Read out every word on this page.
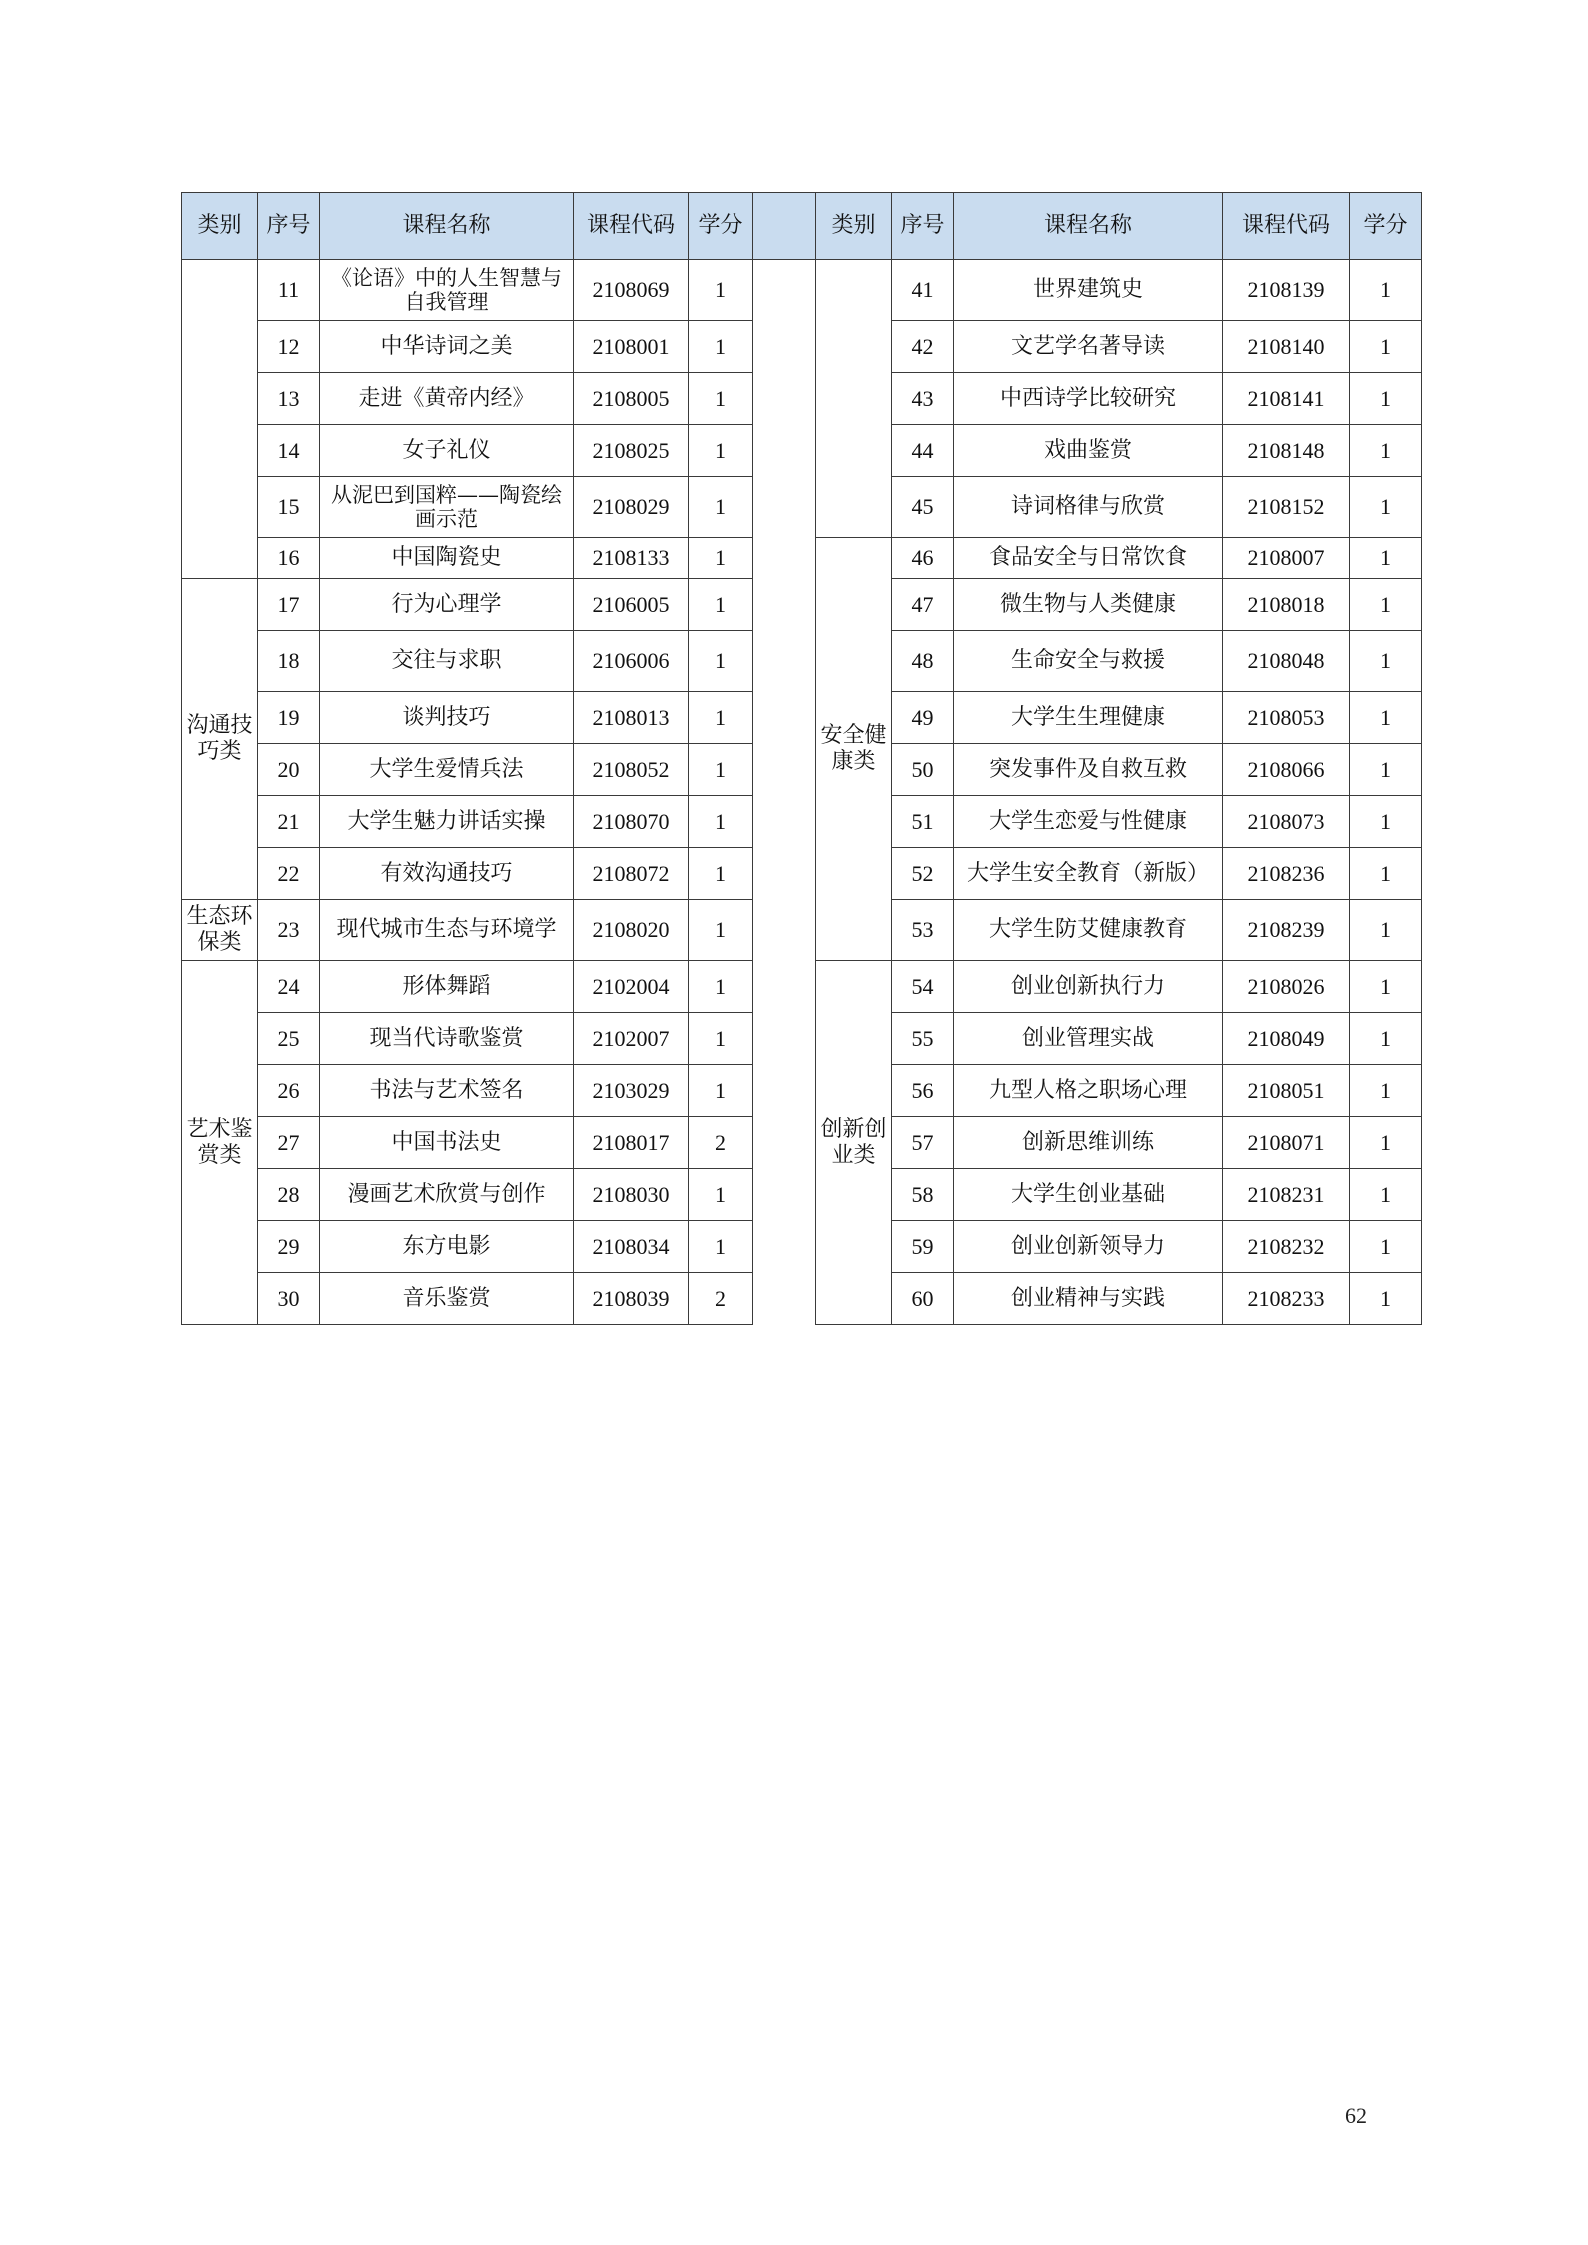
类别	序号	课程名称	课程代码	学分		类别	序号	课程名称	课程代码	学分
	11	《论语》中的人生智慧与自我管理	2108069	1			41	世界建筑史	2108139	1
	12	中华诗词之美	2108001	1			42	文艺学名著导读	2108140	1
	13	走进《黄帝内经》	2108005	1			43	中西诗学比较研究	2108141	1
	14	女子礼仪	2108025	1			44	戏曲鉴赏	2108148	1
	15	从泥巴到国粹——陶瓷绘画示范	2108029	1			45	诗词格律与欣赏	2108152	1
	16	中国陶瓷史	2108133	1		安全健康类	46	食品安全与日常饮食	2108007	1
沟通技巧类	17	行为心理学	2106005	1			47	微生物与人类健康	2108018	1
	18	交往与求职	2106006	1			48	生命安全与救援	2108048	1
	19	谈判技巧	2108013	1			49	大学生生理健康	2108053	1
	20	大学生爱情兵法	2108052	1			50	突发事件及自救互救	2108066	1
	21	大学生魅力讲话实操	2108070	1			51	大学生恋爱与性健康	2108073	1
	22	有效沟通技巧	2108072	1			52	大学生安全教育（新版）	2108236	1
生态环保类	23	现代城市生态与环境学	2108020	1			53	大学生防艾健康教育	2108239	1
艺术鉴赏类	24	形体舞蹈	2102004	1		创新创业类	54	创业创新执行力	2108026	1
	25	现当代诗歌鉴赏	2102007	1			55	创业管理实战	2108049	1
	26	书法与艺术签名	2103029	1			56	九型人格之职场心理	2108051	1
	27	中国书法史	2108017	2			57	创新思维训练	2108071	1
	28	漫画艺术欣赏与创作	2108030	1			58	大学生创业基础	2108231	1
	29	东方电影	2108034	1			59	创业创新领导力	2108232	1
	30	音乐鉴赏	2108039	2			60	创业精神与实践	2108233	1
62
